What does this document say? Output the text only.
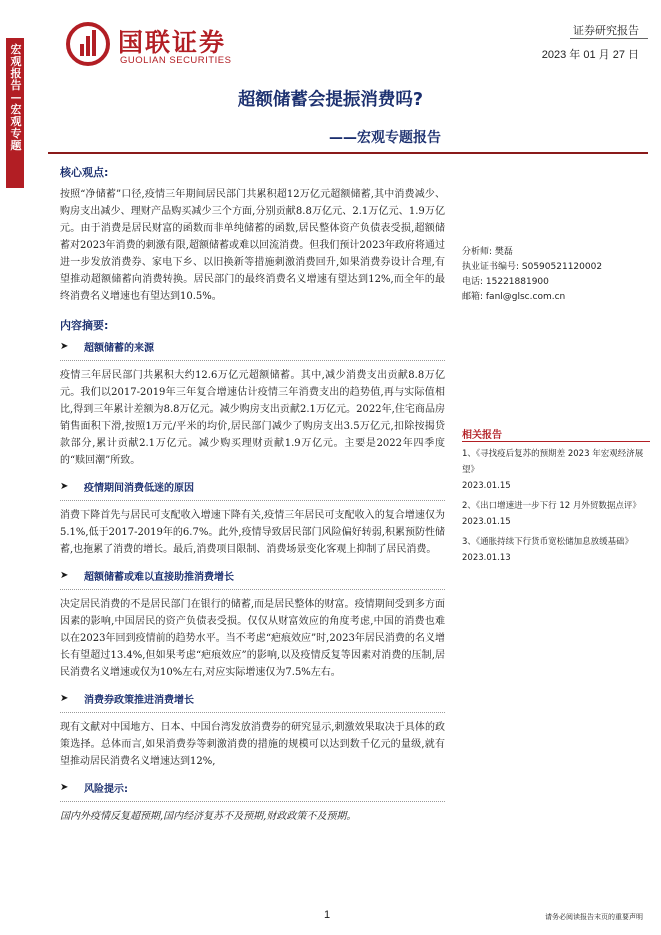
宏观报告—宏观专题
国联证券
GUOLIAN SECURITIES
证券研究报告
2023 年 01 月 27 日
超额储蓄会提振消费吗?
——宏观专题报告
核心观点:
按照“净储蓄”口径,疫情三年期间居民部门共累积超12万亿元超额储蓄,其中消费减少、购房支出减少、理财产品购买减少三个方面,分别贡献8.8万亿元、2.1万亿元、1.9万亿元。由于消费是居民财富的函数而非单纯储蓄的函数,居民整体资产负债表受损,超额储蓄对2023年消费的刺激有限,超额储蓄或难以回流消费。但我们预计2023年政府将通过进一步发放消费券、家电下乡、以旧换新等措施刺激消费回升,如果消费券设计合理,有望推动超额储蓄向消费转换。居民部门的最终消费名义增速有望达到12%,而全年的最终消费名义增速也有望达到10.5%。
内容摘要:
➤	超额储蓄的来源
疫情三年居民部门共累积大约12.6万亿元超额储蓄。其中,减少消费支出贡献8.8万亿元。我们以2017-2019年三年复合增速估计疫情三年消费支出的趋势值,再与实际值相比,得到三年累计差额为8.8万亿元。减少购房支出贡献2.1万亿元。2022年,住宅商品房销售面积下滑,按照1万元/平米的均价,居民部门减少了购房支出3.5万亿元,扣除按揭贷款部分,累计贡献2.1万亿元。减少购买理财贡献1.9万亿元。主要是2022年四季度的“赎回潮”所致。
➤	疫情期间消费低迷的原因
消费下降首先与居民可支配收入增速下降有关,疫情三年居民可支配收入的复合增速仅为5.1%,低于2017-2019年的6.7%。此外,疫情导致居民部门风险偏好转弱,积累预防性储蓄,也拖累了消费的增长。最后,消费项目限制、消费场景变化客观上抑制了居民消费。
➤	超额储蓄或难以直接助推消费增长
决定居民消费的不是居民部门在银行的储蓄,而是居民整体的财富。疫情期间受到多方面因素的影响,中国居民的资产负债表受损。仅仅从财富效应的角度考虑,中国的消费也难以在2023年回到疫情前的趋势水平。当不考虑“疤痕效应”时,2023年居民消费的名义增长有望超过13.4%,但如果考虑“疤痕效应”的影响,以及疫情反复等因素对消费的压制,居民消费名义增速或仅为10%左右,对应实际增速仅为7.5%左右。
➤	消费券政策推进消费增长
现有文献对中国地方、日本、中国台湾发放消费券的研究显示,刺激效果取决于具体的政策选择。总体而言,如果消费券等刺激消费的措施的规模可以达到数千亿元的量级,就有望推动居民消费名义增速达到12%,
➤	风险提示:
国内外疫情反复超预期,国内经济复苏不及预期,财政政策不及预期。
分析师: 樊磊
执业证书编号: S0590521120002
电话: 15221881900
邮箱: fanl@glsc.com.cn
相关报告
1、《寻找疫后复苏的预期差 2023 年宏观经济展望》
2023.01.15
2、《出口增速进一步下行 12 月外贸数据点评》
2023.01.15
3、《通胀持续下行货币宽松储加息放缓基础》
2023.01.13
1	请务必阅读报告末页的重要声明
